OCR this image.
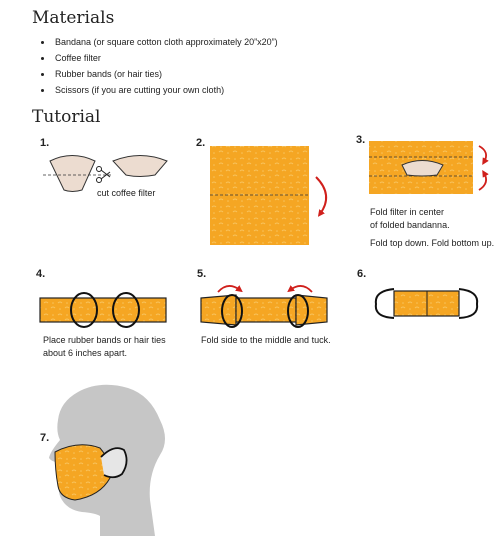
Materials
• Bandana (or square cotton cloth approximately 20”x20”)
• Coffee filter
• Rubber bands (or hair ties)
• Scissors (if you are cutting your own cloth)
Tutorial
1.	2.	3.
4.	5.	6.
7.
cut coffee filter
Fold filter in center
of folded bandanna.
Fold top down. Fold bottom up.
Place rubber bands or hair ties
about 6 inches apart.
Fold side to the middle and tuck.
